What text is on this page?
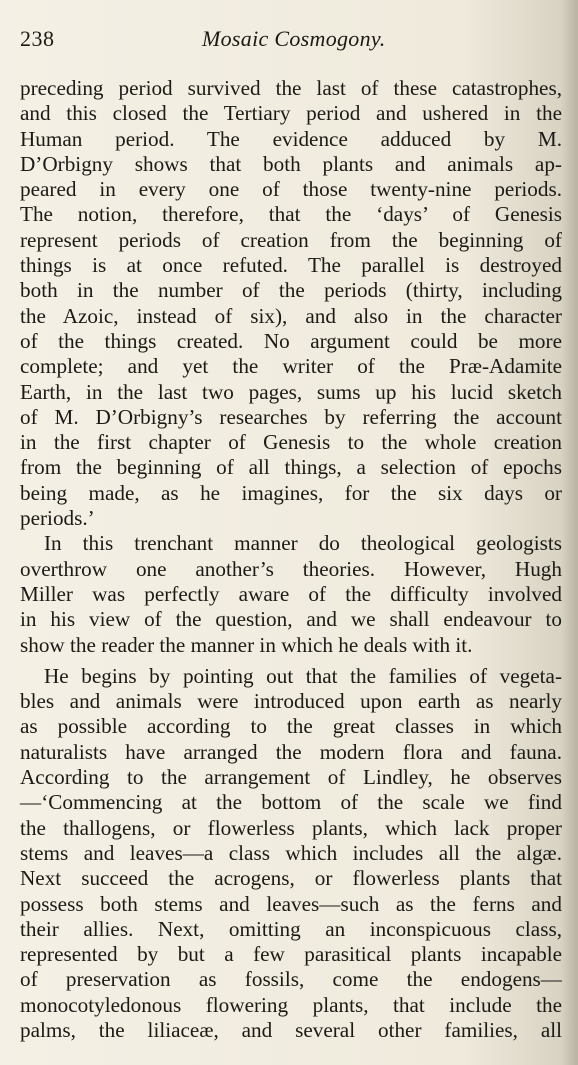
238	Mosaic Cosmogony.
preceding period survived the last of these catastrophes,
and this closed the Tertiary period and ushered in the
Human period. The evidence adduced by M.
D’Orbigny shows that both plants and animals ap-
peared in every one of those twenty-nine periods.
The notion, therefore, that the ‘days’ of Genesis
represent periods of creation from the beginning of
things is at once refuted. The parallel is destroyed
both in the number of the periods (thirty, including
the Azoic, instead of six), and also in the character
of the things created. No argument could be more
complete; and yet the writer of the Præ-Adamite
Earth, in the last two pages, sums up his lucid sketch
of M. D’Orbigny’s researches by referring the account
in the first chapter of Genesis to the whole creation
from the beginning of all things, a selection of epochs
being made, as he imagines, for the six days or
periods.’
In this trenchant manner do theological geologists
overthrow one another’s theories. However, Hugh
Miller was perfectly aware of the difficulty involved
in his view of the question, and we shall endeavour to
show the reader the manner in which he deals with it.
He begins by pointing out that the families of vegeta-
bles and animals were introduced upon earth as nearly
as possible according to the great classes in which
naturalists have arranged the modern flora and fauna.
According to the arrangement of Lindley, he observes
—‘Commencing at the bottom of the scale we find
the thallogens, or flowerless plants, which lack proper
stems and leaves—a class which includes all the algæ.
Next succeed the acrogens, or flowerless plants that
possess both stems and leaves—such as the ferns and
their allies. Next, omitting an inconspicuous class,
represented by but a few parasitical plants incapable
of preservation as fossils, come the endogens—
monocotyledonous flowering plants, that include the
palms, the liliaceæ, and several other families, all
